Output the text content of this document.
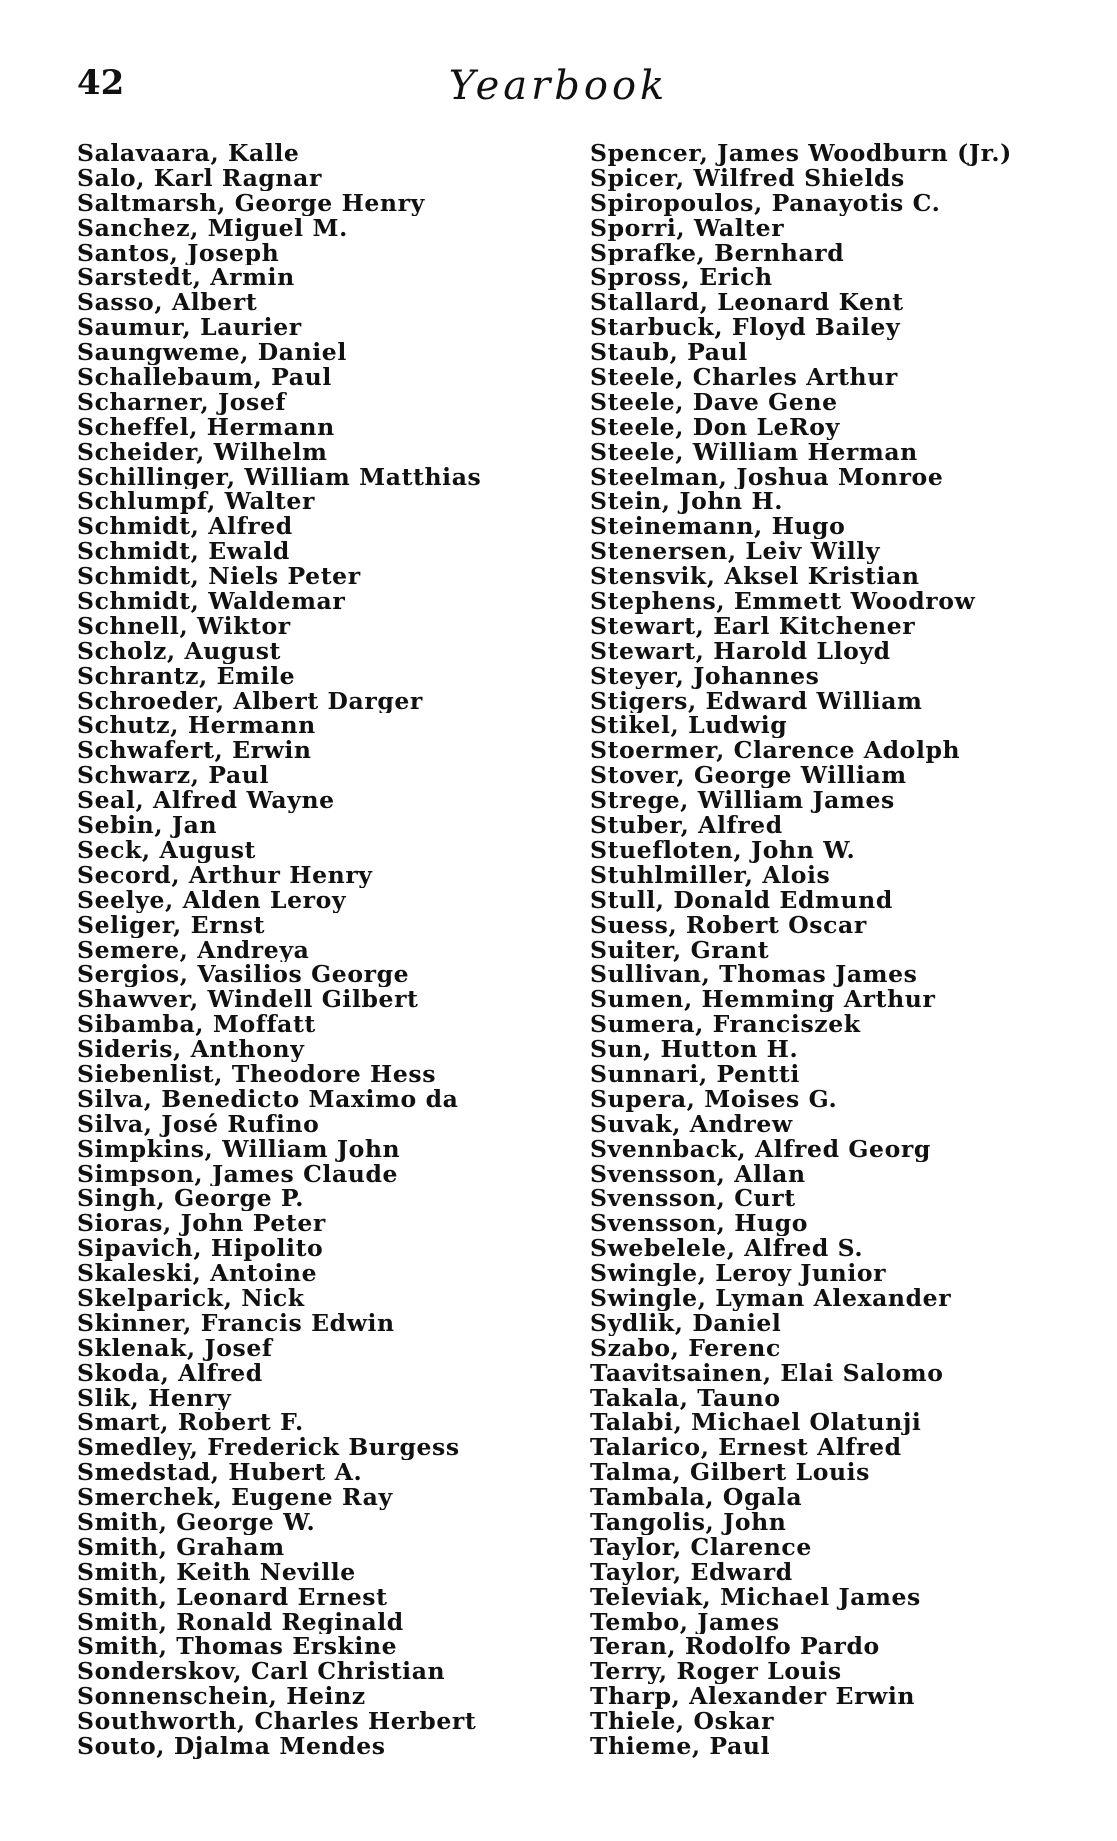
42	Yearbook
Salavaara, Kalle
Salo, Karl Ragnar
Saltmarsh, George Henry
Sanchez, Miguel M.
Santos, Joseph
Sarstedt, Armin
Sasso, Albert
Saumur, Laurier
Saungweme, Daniel
Schallebaum, Paul
Scharner, Josef
Scheffel, Hermann
Scheider, Wilhelm
Schillinger, William Matthias
Schlumpf, Walter
Schmidt, Alfred
Schmidt, Ewald
Schmidt, Niels Peter
Schmidt, Waldemar
Schnell, Wiktor
Scholz, August
Schrantz, Emile
Schroeder, Albert Darger
Schutz, Hermann
Schwafert, Erwin
Schwarz, Paul
Seal, Alfred Wayne
Sebin, Jan
Seck, August
Secord, Arthur Henry
Seelye, Alden Leroy
Seliger, Ernst
Semere, Andreya
Sergios, Vasilios George
Shawver, Windell Gilbert
Sibamba, Moffatt
Sideris, Anthony
Siebenlist, Theodore Hess
Silva, Benedicto Maximo da
Silva, José Rufino
Simpkins, William John
Simpson, James Claude
Singh, George P.
Sioras, John Peter
Sipavich, Hipolito
Skaleski, Antoine
Skelparick, Nick
Skinner, Francis Edwin
Sklenak, Josef
Skoda, Alfred
Slik, Henry
Smart, Robert F.
Smedley, Frederick Burgess
Smedstad, Hubert A.
Smerchek, Eugene Ray
Smith, George W.
Smith, Graham
Smith, Keith Neville
Smith, Leonard Ernest
Smith, Ronald Reginald
Smith, Thomas Erskine
Sonderskov, Carl Christian
Sonnenschein, Heinz
Southworth, Charles Herbert
Souto, Djalma Mendes
Spencer, James Woodburn (Jr.)
Spicer, Wilfred Shields
Spiropoulos, Panayotis C.
Sporri, Walter
Sprafke, Bernhard
Spross, Erich
Stallard, Leonard Kent
Starbuck, Floyd Bailey
Staub, Paul
Steele, Charles Arthur
Steele, Dave Gene
Steele, Don LeRoy
Steele, William Herman
Steelman, Joshua Monroe
Stein, John H.
Steinemann, Hugo
Stenersen, Leiv Willy
Stensvik, Aksel Kristian
Stephens, Emmett Woodrow
Stewart, Earl Kitchener
Stewart, Harold Lloyd
Steyer, Johannes
Stigers, Edward William
Stikel, Ludwig
Stoermer, Clarence Adolph
Stover, George William
Strege, William James
Stuber, Alfred
Stuefloten, John W.
Stuhlmiller, Alois
Stull, Donald Edmund
Suess, Robert Oscar
Suiter, Grant
Sullivan, Thomas James
Sumen, Hemming Arthur
Sumera, Franciszek
Sun, Hutton H.
Sunnari, Pentti
Supera, Moises G.
Suvak, Andrew
Svennback, Alfred Georg
Svensson, Allan
Svensson, Curt
Svensson, Hugo
Swebelele, Alfred S.
Swingle, Leroy Junior
Swingle, Lyman Alexander
Sydlik, Daniel
Szabo, Ferenc
Taavitsainen, Elai Salomo
Takala, Tauno
Talabi, Michael Olatunji
Talarico, Ernest Alfred
Talma, Gilbert Louis
Tambala, Ogala
Tangolis, John
Taylor, Clarence
Taylor, Edward
Televiak, Michael James
Tembo, James
Teran, Rodolfo Pardo
Terry, Roger Louis
Tharp, Alexander Erwin
Thiele, Oskar
Thieme, Paul
